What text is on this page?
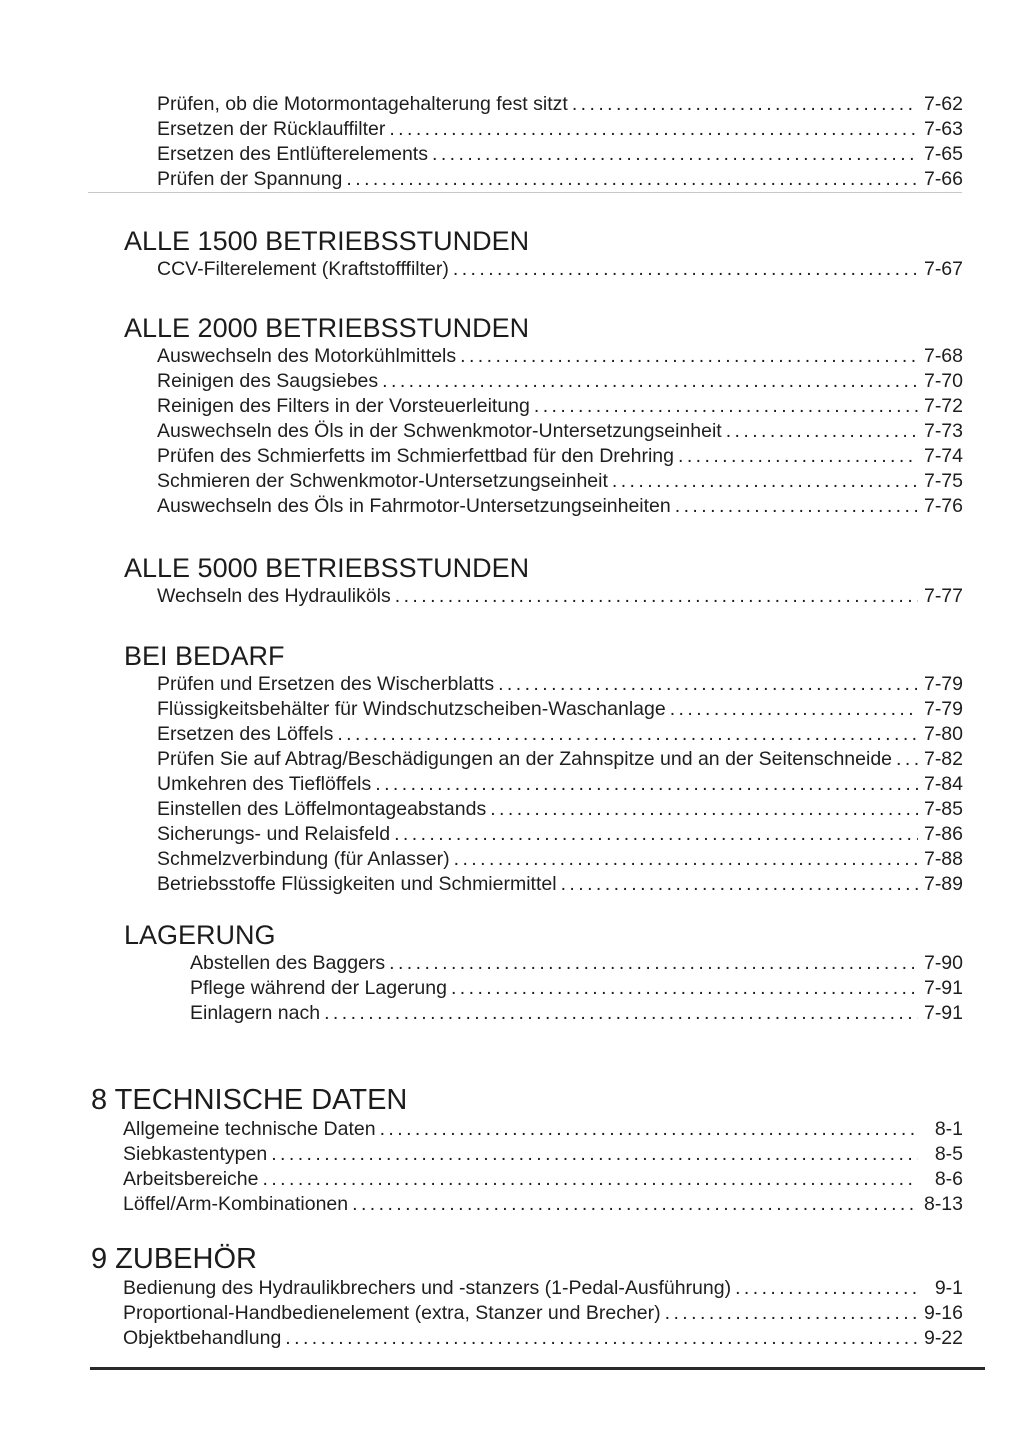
Prüfen, ob die Motormontagehalterung fest sitzt . . .	7-62
Ersetzen der Rücklauffilter . . .	7-63
Ersetzen des Entlüfterelements . . .	7-65
Prüfen der Spannung . . .	7-66
ALLE 1500 BETRIEBSSTUNDEN
CCV-Filterelement (Kraftstofffilter) . . .	7-67
ALLE 2000 BETRIEBSSTUNDEN
Auswechseln des Motorkühlmittels . . .	7-68
Reinigen des Saugsiebes . . .	7-70
Reinigen des Filters in der Vorsteuerleitung . . .	7-72
Auswechseln des Öls in der Schwenkmotor-Untersetzungseinheit . . .	7-73
Prüfen des Schmierfetts im Schmierfettbad für den Drehring . . .	7-74
Schmieren der Schwenkmotor-Untersetzungseinheit . . .	7-75
Auswechseln des Öls in Fahrmotor-Untersetzungseinheiten . . .	7-76
ALLE 5000 BETRIEBSSTUNDEN
Wechseln des Hydrauliköls . . .	7-77
BEI BEDARF
Prüfen und Ersetzen des Wischerblatts . . .	7-79
Flüssigkeitsbehälter für Windschutzscheiben-Waschanlage . . .	7-79
Ersetzen des Löffels . . .	7-80
Prüfen Sie auf Abtrag/Beschädigungen an der Zahnspitze und an der Seitenschneide . . . 7-82
Umkehren des Tieflöffels . . .	7-84
Einstellen des Löffelmontageabstands . . .	7-85
Sicherungs- und Relaisfeld . . .	7-86
Schmelzverbindung (für Anlasser) . . .	7-88
Betriebsstoffe Flüssigkeiten und Schmiermittel . . .	7-89
LAGERUNG
Abstellen des Baggers . . .	7-90
Pflege während der Lagerung . . .	7-91
Einlagern nach . . .	7-91
8 TECHNISCHE DATEN
Allgemeine technische Daten . . .	8-1
Siebkastentypen . . .	8-5
Arbeitsbereiche . . .	8-6
Löffel/Arm-Kombinationen . . .	8-13
9 ZUBEHÖR
Bedienung des Hydraulikbrechers und -stanzers (1-Pedal-Ausführung) . . .	9-1
Proportional-Handbedienelement (extra, Stanzer und Brecher) . . .	9-16
Objektbehandlung . . .	9-22
